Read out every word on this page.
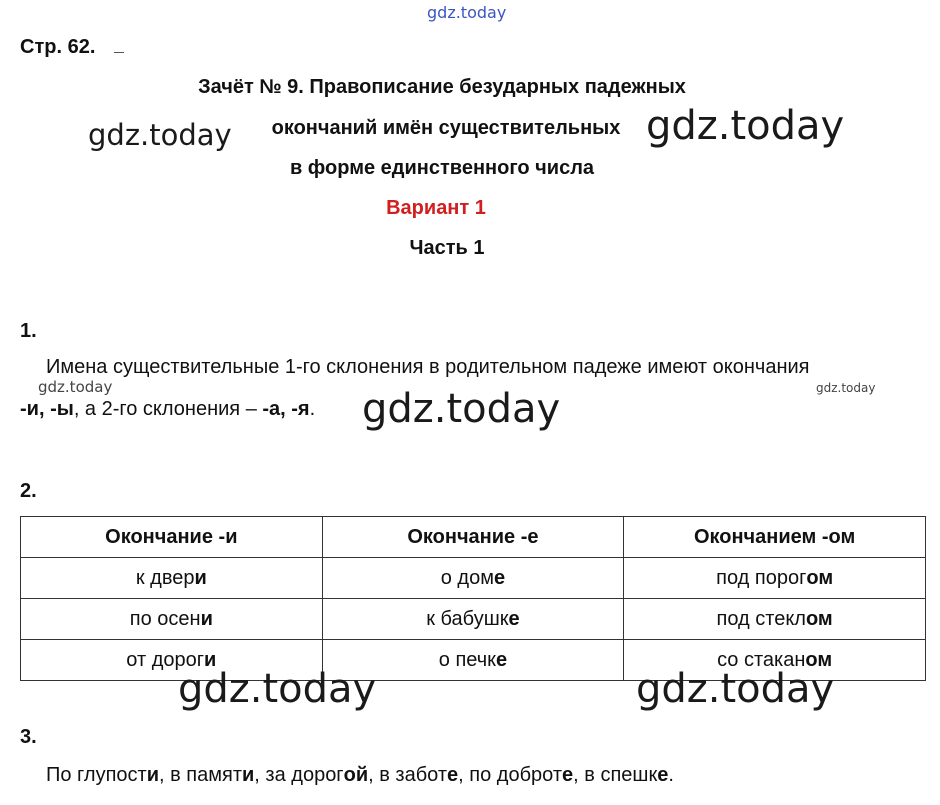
gdz.today
Стр. 62.
Зачёт № 9. Правописание безударных падежных
gdz.today	окончаний имён существительных gdz.today
в форме единственного числа
Вариант 1
Часть 1
1.
Имена существительные 1-го склонения в родительном падеже имеют окончания
gdz.today	gdz.today
-и, -ы, а 2-го склонения – -а, -я. gdz.today
2.
Окончание -и	Окончание -е	Окончанием -ом
к двери	о доме	под порогом
по осени	к бабушке	под стеклом
от дороги	о печке	со стаканом
gdz.today	gdz.today
3.
По глупости, в памяти, за дорогой, в заботе, по доброте, в спешке.
